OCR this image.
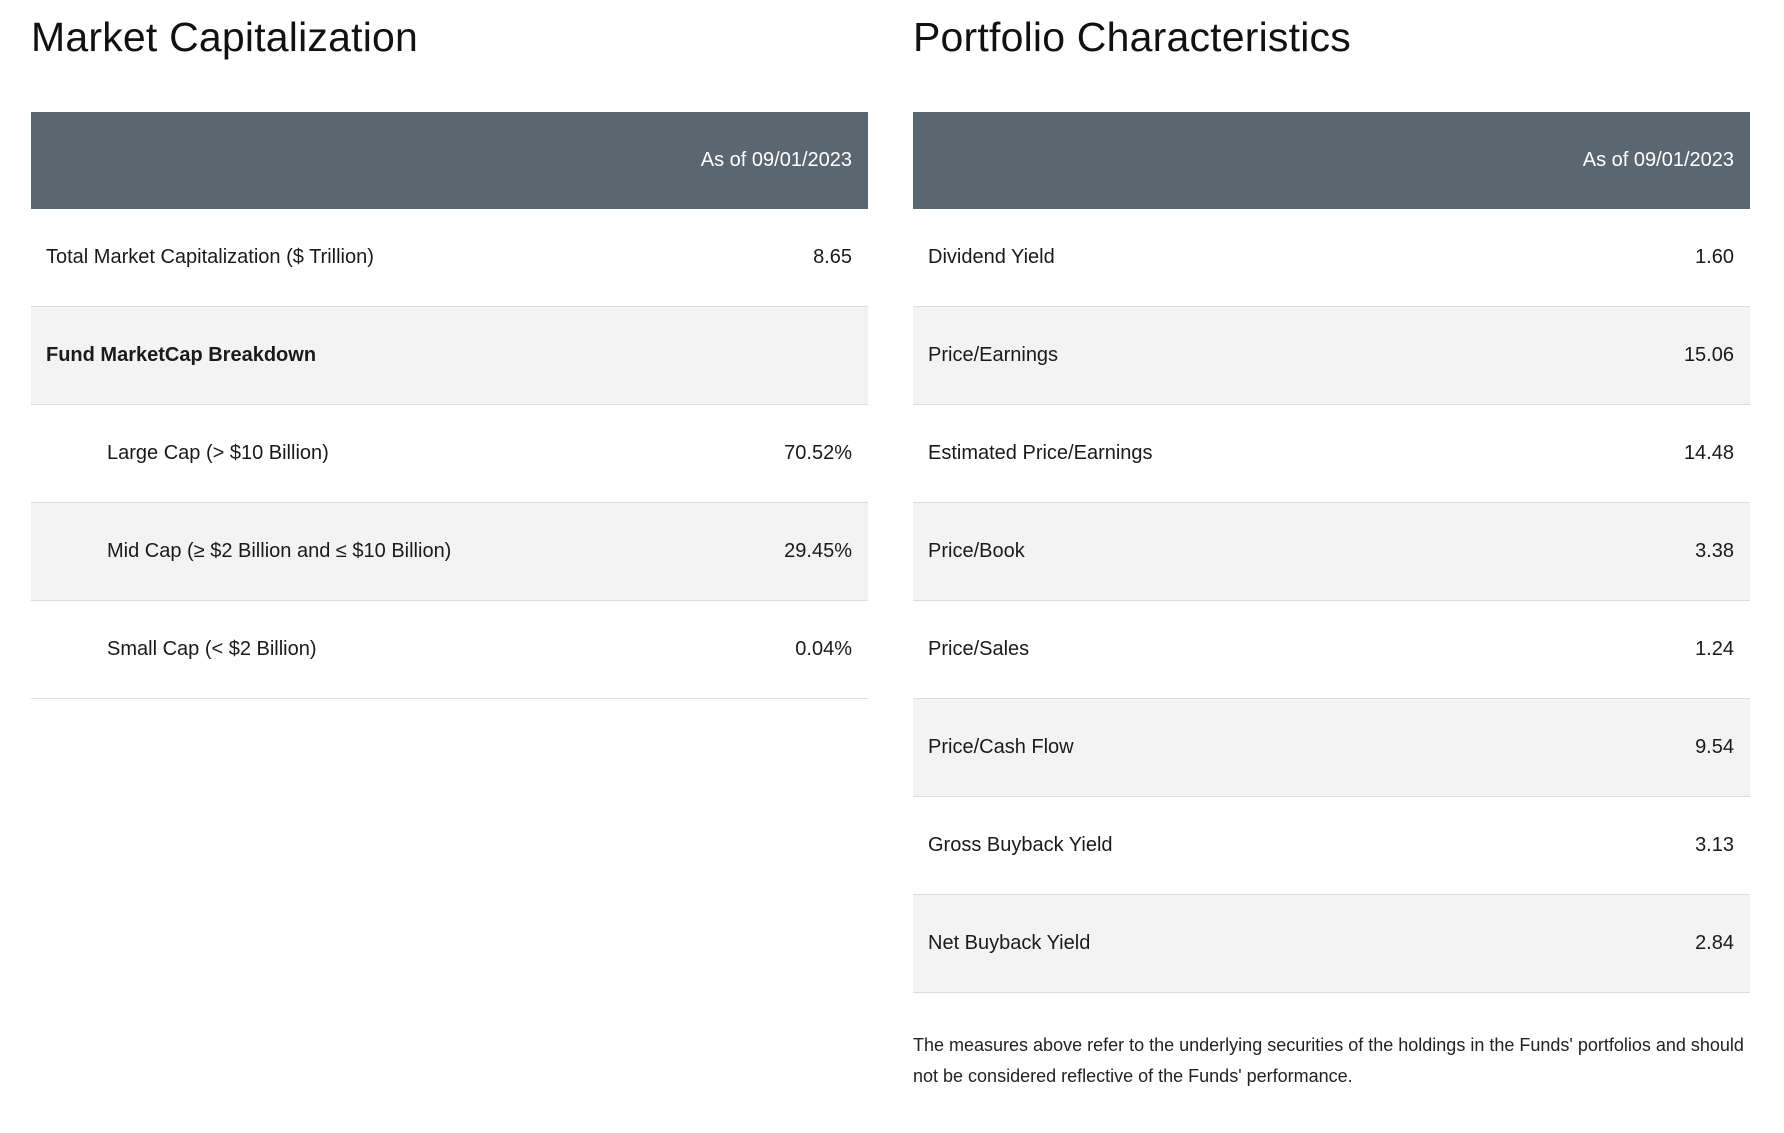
Market Capitalization
As of 09/01/2023
Total Market Capitalization ($ Trillion)	8.65
Fund MarketCap Breakdown
Large Cap (> $10 Billion)	70.52%
Mid Cap (≥ $2 Billion and ≤ $10 Billion)	29.45%
Small Cap (< $2 Billion)	0.04%
Portfolio Characteristics
As of 09/01/2023
Dividend Yield	1.60
Price/Earnings	15.06
Estimated Price/Earnings	14.48
Price/Book	3.38
Price/Sales	1.24
Price/Cash Flow	9.54
Gross Buyback Yield	3.13
Net Buyback Yield	2.84

The measures above refer to the underlying securities of the holdings in the Funds' portfolios and should not be considered reflective of the Funds' performance.
